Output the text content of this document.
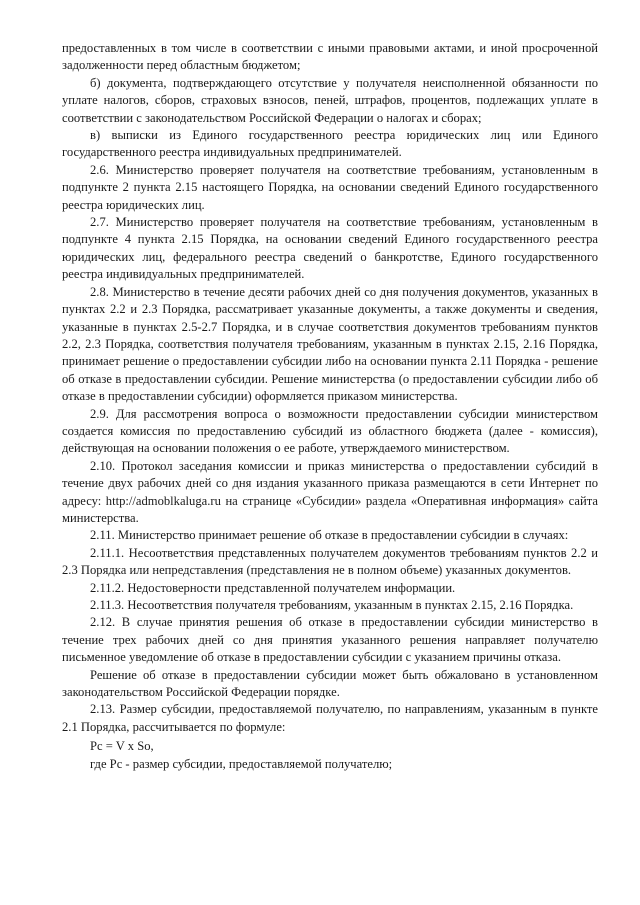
предоставленных в том числе в соответствии с иными правовыми актами, и иной просроченной задолженности перед областным бюджетом;

б) документа, подтверждающего отсутствие у получателя неисполненной обязанности по уплате налогов, сборов, страховых взносов, пеней, штрафов, процентов, подлежащих уплате в соответствии с законодательством Российской Федерации о налогах и сборах;

в) выписки из Единого государственного реестра юридических лиц или Единого государственного реестра индивидуальных предпринимателей.

2.6. Министерство проверяет получателя на соответствие требованиям, установленным в подпункте 2 пункта 2.15 настоящего Порядка, на основании сведений Единого государственного реестра юридических лиц.

2.7. Министерство проверяет получателя на соответствие требованиям, установленным в подпункте 4 пункта 2.15 Порядка, на основании сведений Единого государственного реестра юридических лиц, федерального реестра сведений о банкротстве, Единого государственного реестра индивидуальных предпринимателей.

2.8. Министерство в течение десяти рабочих дней со дня получения документов, указанных в пунктах 2.2 и 2.3 Порядка, рассматривает указанные документы, а также документы и сведения, указанные в пунктах 2.5-2.7 Порядка, и в случае соответствия документов требованиям пунктов 2.2, 2.3 Порядка, соответствия получателя требованиям, указанным в пунктах 2.15, 2.16 Порядка, принимает решение о предоставлении субсидии либо на основании пункта 2.11 Порядка - решение об отказе в предоставлении субсидии. Решение министерства (о предоставлении субсидии либо об отказе в предоставлении субсидии) оформляется приказом министерства.

2.9. Для рассмотрения вопроса о возможности предоставлении субсидии министерством создается комиссия по предоставлению субсидий из областного бюджета (далее - комиссия), действующая на основании положения о ее работе, утверждаемого министерством.

2.10. Протокол заседания комиссии и приказ министерства о предоставлении субсидий в течение двух рабочих дней со дня издания указанного приказа размещаются в сети Интернет по адресу: http://admoblkaluga.ru на странице «Субсидии» раздела «Оперативная информация» сайта министерства.

2.11. Министерство принимает решение об отказе в предоставлении субсидии в случаях:

2.11.1. Несоответствия представленных получателем документов требованиям пунктов 2.2 и 2.3 Порядка или непредставления (представления не в полном объеме) указанных документов.

2.11.2. Недостоверности представленной получателем информации.

2.11.3. Несоответствия получателя требованиям, указанным в пунктах 2.15, 2.16 Порядка.

2.12. В случае принятия решения об отказе в предоставлении субсидии министерство в течение трех рабочих дней со дня принятия указанного решения направляет получателю письменное уведомление об отказе в предоставлении субсидии с указанием причины отказа.

Решение об отказе в предоставлении субсидии может быть обжаловано в установленном законодательством Российской Федерации порядке.

2.13. Размер субсидии, предоставляемой получателю, по направлениям, указанным в пункте 2.1 Порядка, рассчитывается по формуле:

Pc = V x So,

где Pc - размер субсидии, предоставляемой получателю;
